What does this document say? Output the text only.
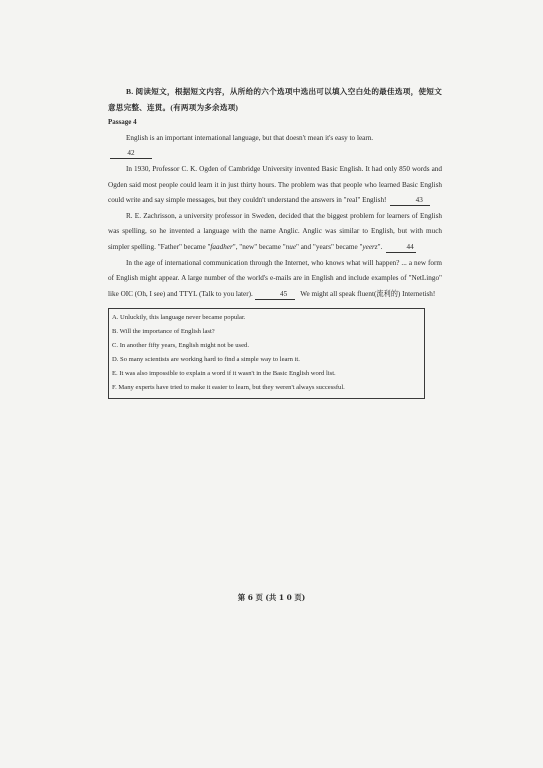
B. 阅读短文，根据短文内容，从所给的六个选项中选出可以填入空白处的最佳选项，使短文意思完整、连贯。(有两项为多余选项)

Passage 4

English is an important international language, but that doesn't mean it's easy to learn.

42

In 1930, Professor C. K. Ogden of Cambridge University invented Basic English. It had only 850 words and Ogden said most people could learn it in just thirty hours. The problem was that people who learned Basic English could write and say simple messages, but they couldn't understand the answers in "real" English!	43

R. E. Zachrisson, a university professor in Sweden, decided that the biggest problem for learners of English was spelling, so he invented a language with the name Anglic. Anglic was similar to English, but with much simpler spelling. "Father" became "faadher", "new" became "nue" and "years" became "yeerz".	44

In the age of international communication through the Internet, who knows what will happen? ... a new form of English might appear. A large number of the world's e-mails are in English and include examples of "NetLingo" like OIC (Oh, I see) and TTYL (Talk to you later).	45 We might all speak fluent(流利的) Internetish!

A. Unluckily, this language never became popular.
B. Will the importance of English last?
C. In another fifty years, English might not be used.
D. So many scientists are working hard to find a simple way to learn it.
E. It was also impossible to explain a word if it wasn't in the Basic English word list.
F. Many experts have tried to make it easier to learn, but they weren't always successful.
第 6 页 (共 1 0 页)
